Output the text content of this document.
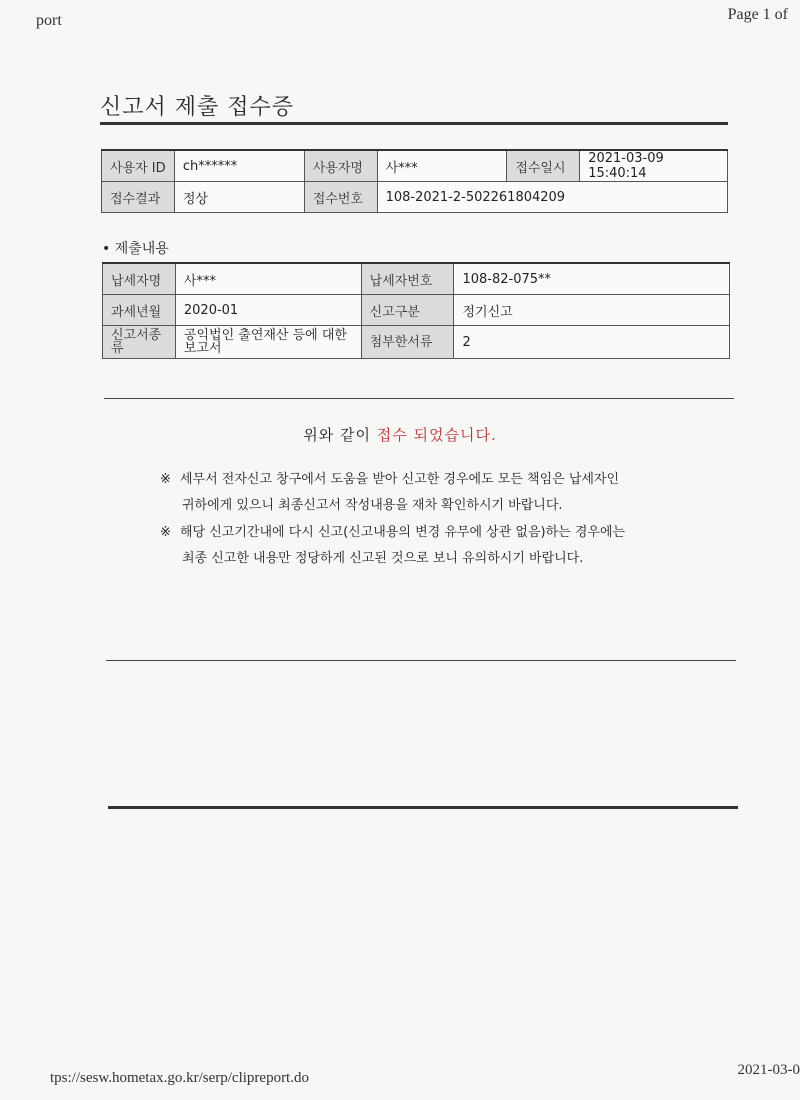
port	Page 1 of
신고서 제출 접수증
사용자 ID	ch******	사용자명	사***	접수일시	2021-03-09 15:40:14
접수결과	정상	접수번호	108-2021-2-502261804209		
• 제출내용
납세자명	사***	납세자번호	108-82-075**
과세년월	2020-01	신고구분	정기신고
신고서종류	공익법인 출연재산 등에 대한 보고서	첨부한서류	2
위와 같이 접수 되었습니다.
※ 세무서 전자신고 창구에서 도움을 받아 신고한 경우에도 모든 책임은 납세자인
귀하에게 있으니 최종신고서 작성내용을 재차 확인하시기 바랍니다.
※ 해당 신고기간내에 다시 신고(신고내용의 변경 유무에 상관 없음)하는 경우에는
최종 신고한 내용만 정당하게 신고된 것으로 보니 유의하시기 바랍니다.
tps://sesw.hometax.go.kr/serp/clipreport.do	2021-03-0
